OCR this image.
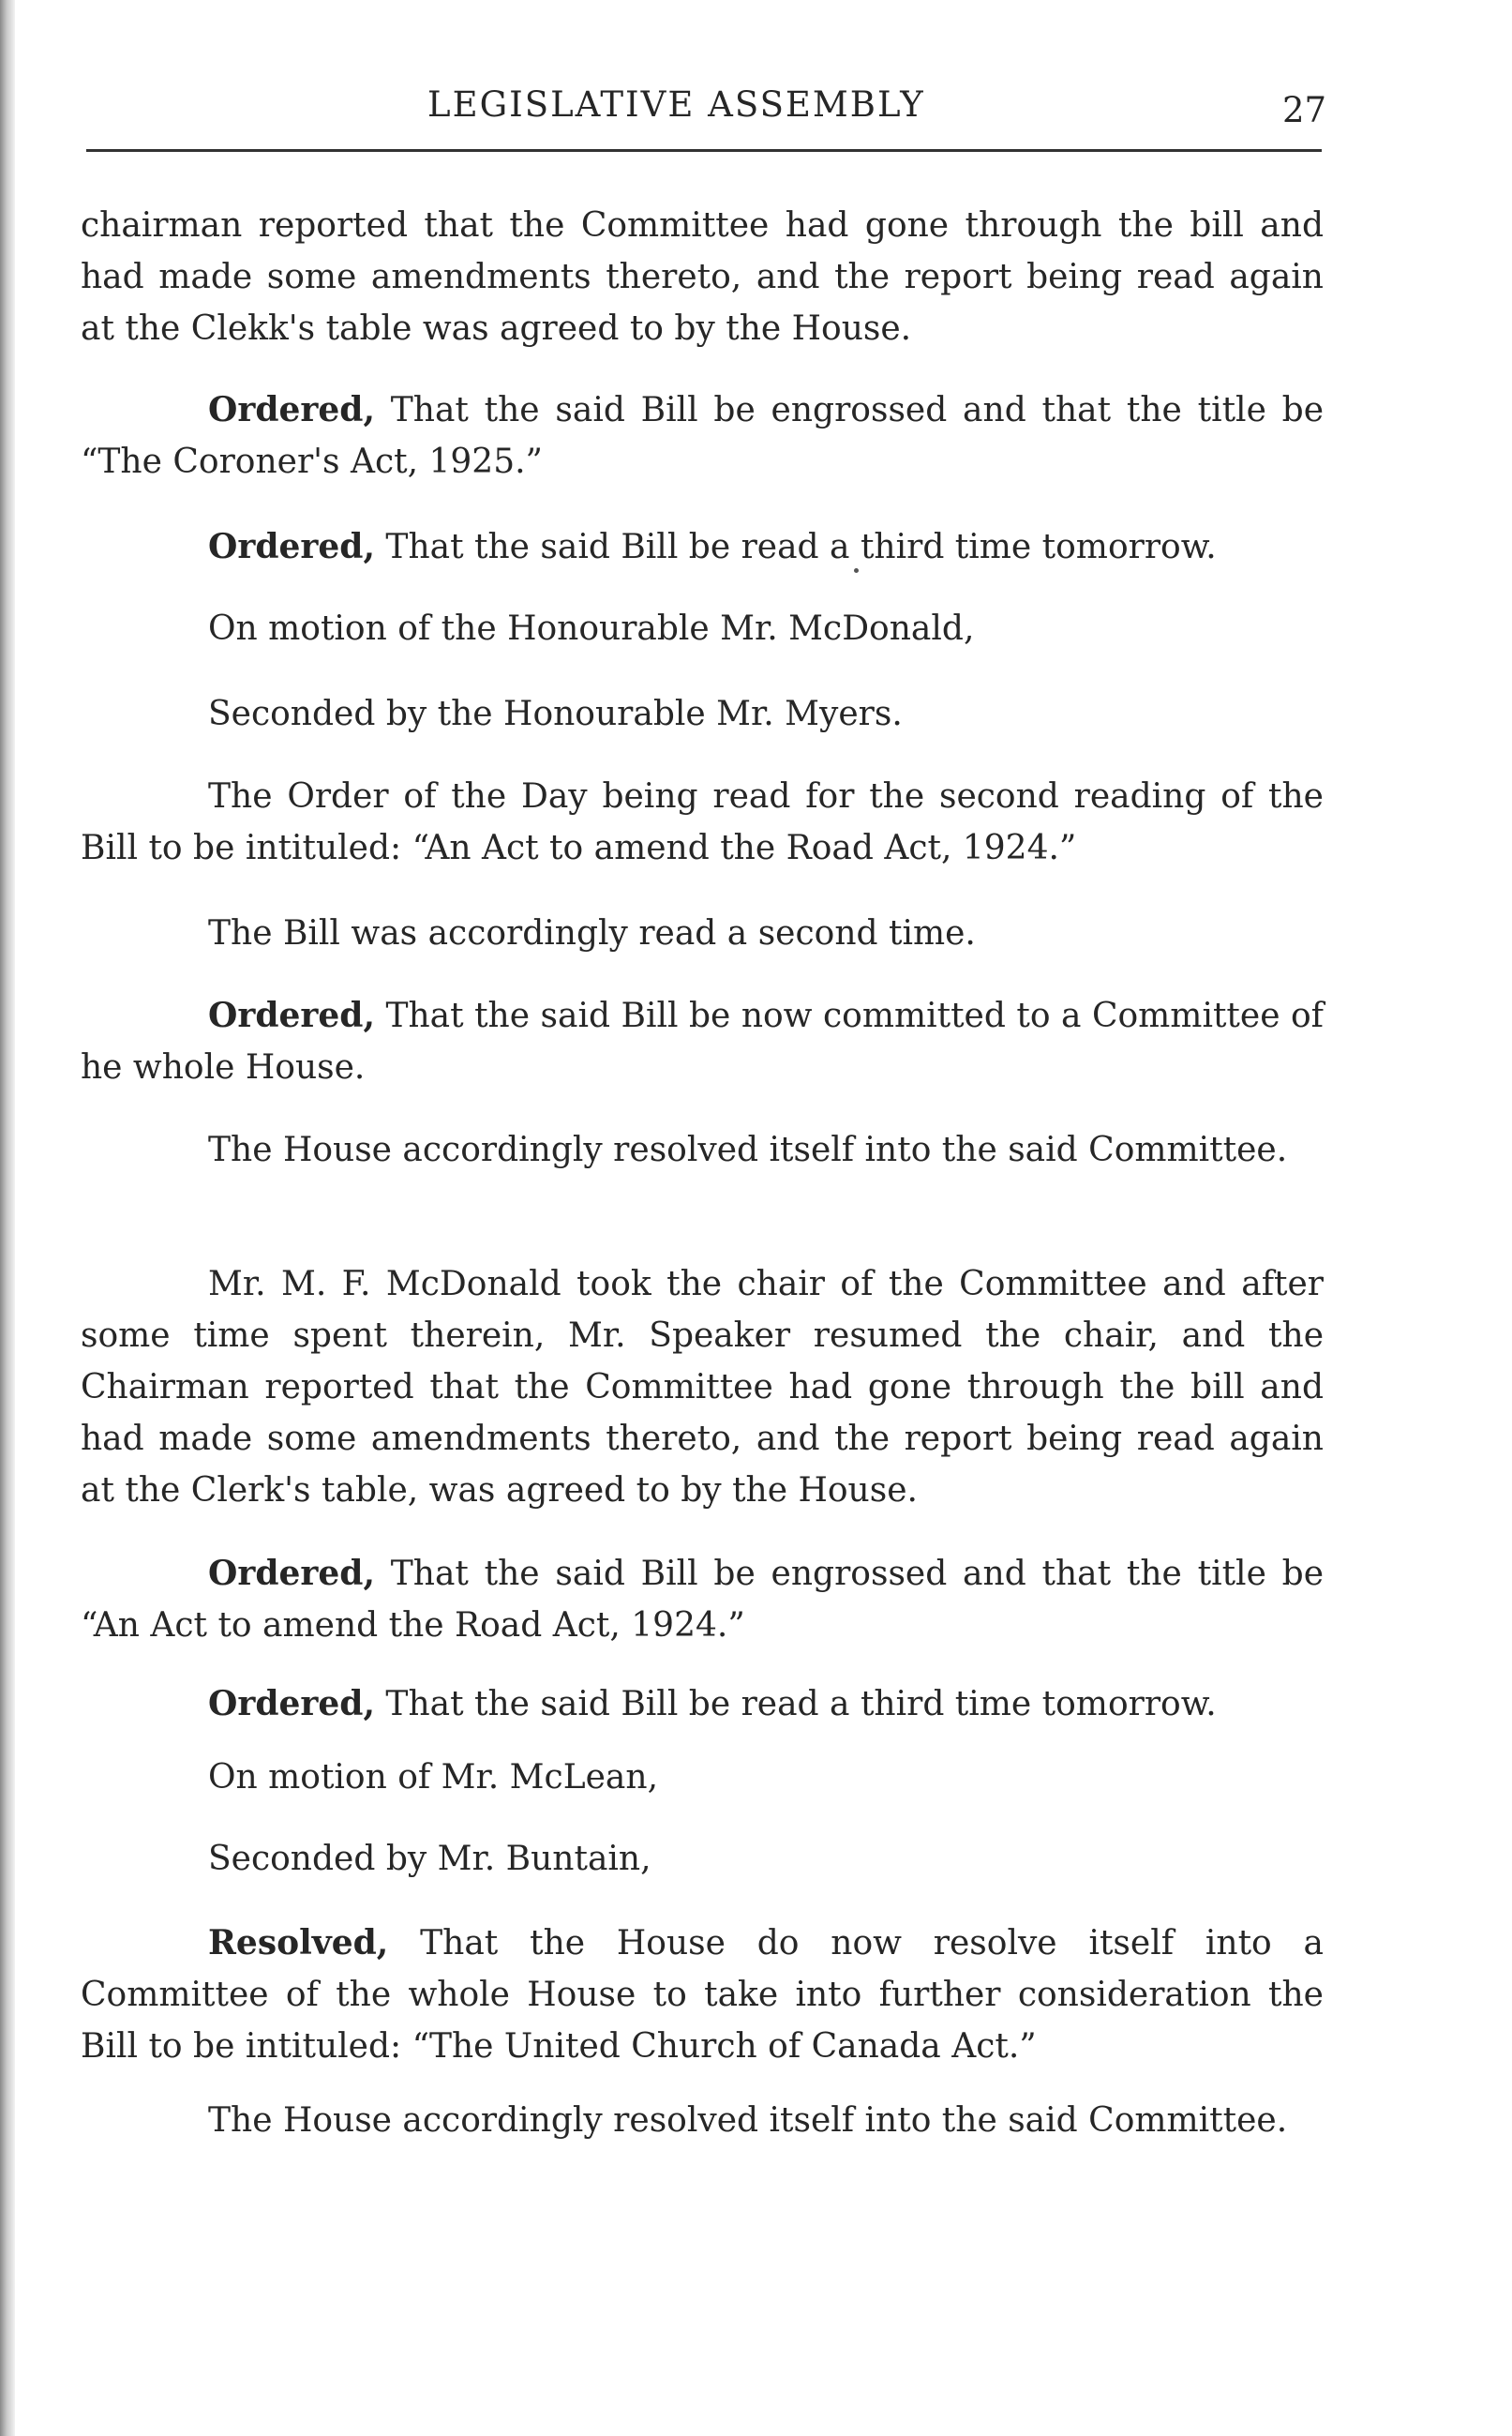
LEGISLATIVE ASSEMBLY	27
chairman reported that the Committee had gone through the bill and had made some amendments thereto, and the report being read again at the Clekk's table was agreed to by the House.
Ordered, That the said Bill be engrossed and that the title be “The Coroner's Act, 1925.”
Ordered, That the said Bill be read a third time tomorrow.
On motion of the Honourable Mr. McDonald,
Seconded by the Honourable Mr. Myers.
The Order of the Day being read for the second reading of the Bill to be intituled: “An Act to amend the Road Act, 1924.”
The Bill was accordingly read a second time.
Ordered, That the said Bill be now committed to a Committee of he whole House.
The House accordingly resolved itself into the said Committee.
Mr. M. F. McDonald took the chair of the Committee and after some time spent therein, Mr. Speaker resumed the chair, and the Chairman reported that the Committee had gone through the bill and had made some amendments thereto, and the report being read again at the Clerk's table, was agreed to by the House.
Ordered, That the said Bill be engrossed and that the title be “An Act to amend the Road Act, 1924.”
Ordered, That the said Bill be read a third time tomorrow.
On motion of Mr. McLean,
Seconded by Mr. Buntain,
Resolved, That the House do now resolve itself into a Committee of the whole House to take into further consideration the Bill to be intituled: “The United Church of Canada Act.”
The House accordingly resolved itself into the said Committee.
